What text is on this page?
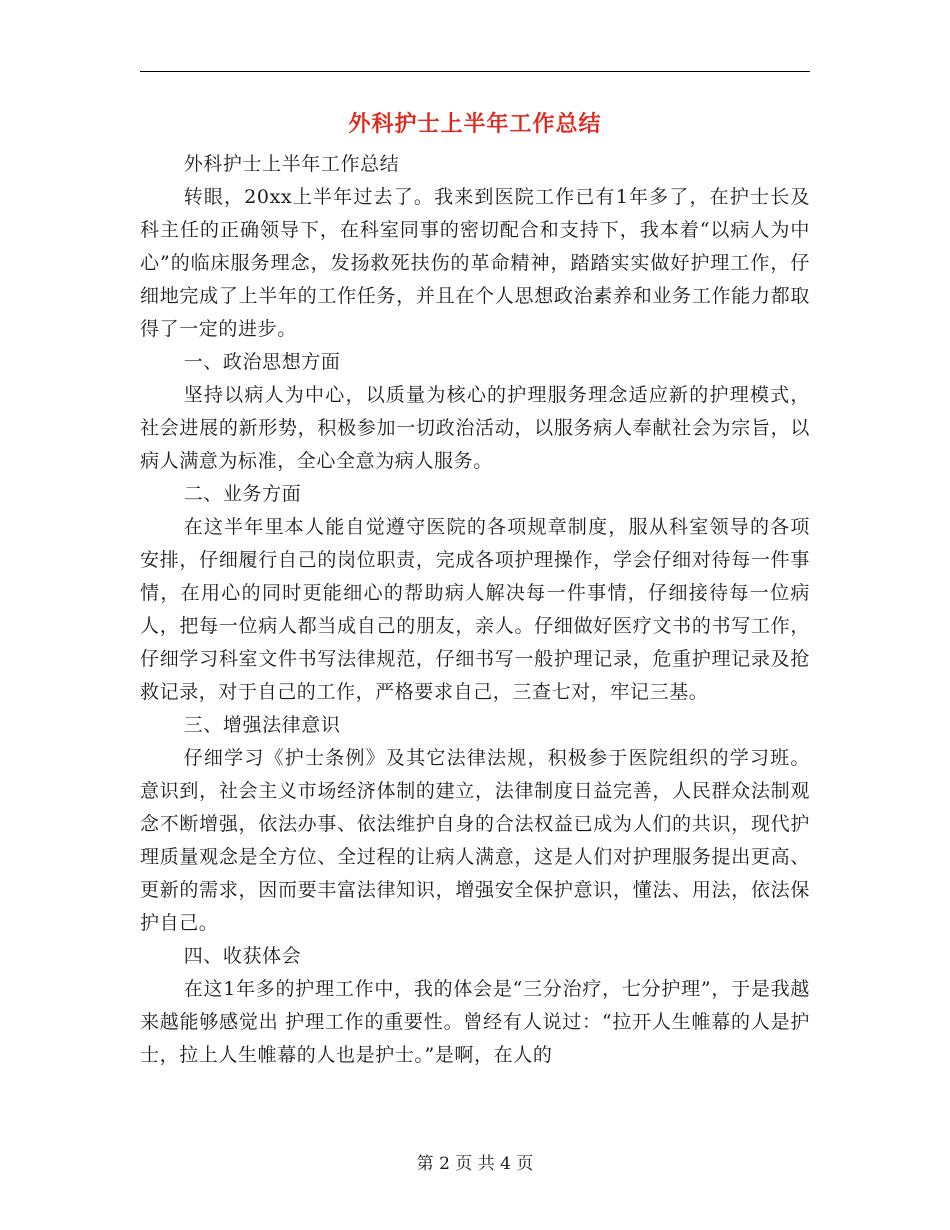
外科护士上半年工作总结

外科护士上半年工作总结

转眼，20xx上半年过去了。我来到医院工作已有1年多了，在护士长及科主任的正确领导下，在科室同事的密切配合和支持下，我本着“以病人为中心”的临床服务理念，发扬救死扶伤的革命精神，踏踏实实做好护理工作，仔细地完成了上半年的工作任务，并且在个人思想政治素养和业务工作能力都取得了一定的进步。

一、政治思想方面

坚持以病人为中心，以质量为核心的护理服务理念适应新的护理模式，社会进展的新形势，积极参加一切政治活动，以服务病人奉献社会为宗旨，以病人满意为标准，全心全意为病人服务。

二、业务方面

在这半年里本人能自觉遵守医院的各项规章制度，服从科室领导的各项安排，仔细履行自己的岗位职责，完成各项护理操作，学会仔细对待每一件事情，在用心的同时更能细心的帮助病人解决每一件事情，仔细接待每一位病人，把每一位病人都当成自己的朋友，亲人。仔细做好医疗文书的书写工作，仔细学习科室文件书写法律规范，仔细书写一般护理记录，危重护理记录及抢救记录，对于自己的工作，严格要求自己，三查七对，牢记三基。

三、增强法律意识

仔细学习《护士条例》及其它法律法规，积极参于医院组织的学习班。意识到，社会主义市场经济体制的建立，法律制度日益完善，人民群众法制观念不断增强，依法办事、依法维护自身的合法权益已成为人们的共识，现代护理质量观念是全方位、全过程的让病人满意，这是人们对护理服务提出更高、更新的需求，因而要丰富法律知识，增强安全保护意识，懂法、用法，依法保护自己。

四、收获体会

在这1年多的护理工作中，我的体会是“三分治疗，七分护理”，于是我越来越能够感觉出 护理工作的重要性。曾经有人说过：“拉开人生帷幕的人是护士，拉上人生帷幕的人也是护士。”是啊，在人的

第 2 页 共 4 页
